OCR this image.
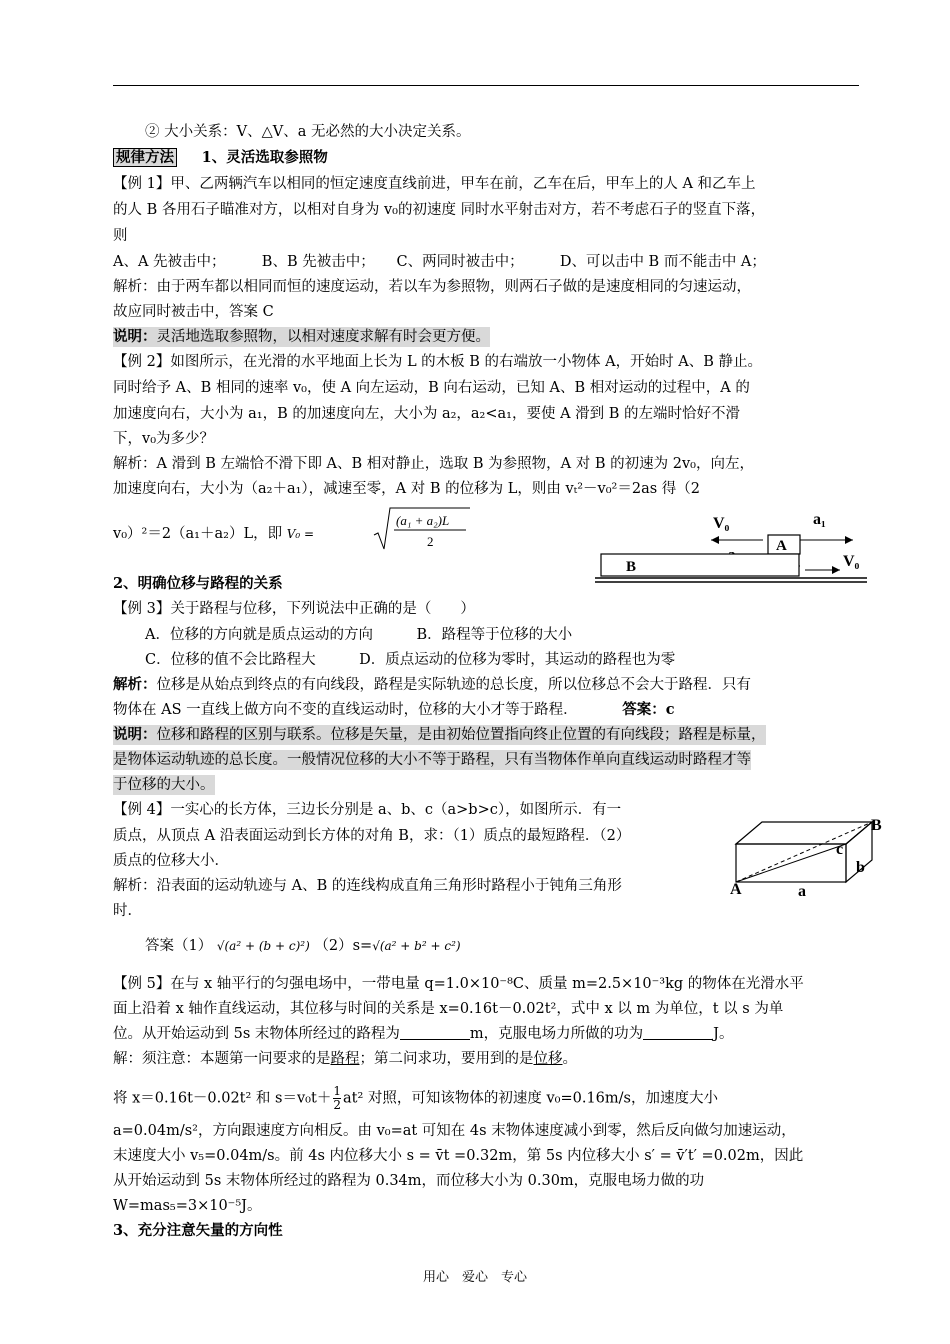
② 大小关系：V、△V、a 无必然的大小决定关系。
规律方法 1、灵活选取参照物
【例 1】甲、乙两辆汽车以相同的恒定速度直线前进，甲车在前，乙车在后，甲车上的人 A 和乙车上
的人 B 各用石子瞄准对方，以相对自身为 v₀的初速度 同时水平射击对方，若不考虑石子的竖直下落，
则
A、A 先被击中；　　　B、B 先被击中；　　C、两同时被击中；　　　D、可以击中 B 而不能击中 A；
解析：由于两车都以相同而恒的速度运动，若以车为参照物，则两石子做的是速度相同的匀速运动，
故应同时被击中，答案 C
说明：灵活地选取参照物，以相对速度求解有时会更方便。
【例 2】如图所示，在光滑的水平地面上长为 L 的木板 B 的右端放一小物体 A，开始时 A、B 静止。
同时给予 A、B 相同的速率 v₀，使 A 向左运动，B 向右运动，已知 A、B 相对运动的过程中，A 的
加速度向右，大小为 a₁，B 的加速度向左，大小为 a₂，a₂<a₁，要使 A 滑到 B 的左端时恰好不滑
下，v₀为多少？
解析：A 滑到 B 左端恰不滑下即 A、B 相对静止，选取 B 为参照物，A 对 B 的初速为 2v₀，向左，
加速度向右，大小为（a₂＋a₁），减速至零，A 对 B 的位移为 L，则由 vₜ²－v₀²＝2as 得（2
v₀）²＝2（a₁＋a₂）L，即 V₀ =
(a₁ + a₂)L
2
V₀	a₁
A
V₀
B
2、明确位移与路程的关系
【例 3】关于路程与位移，下列说法中正确的是（　　）
A．位移的方向就是质点运动的方向　　　B．路程等于位移的大小
C．位移的值不会比路程大　　　D．质点运动的位移为零时，其运动的路程也为零
解析：位移是从始点到终点的有向线段，路程是实际轨迹的总长度，所以位移总不会大于路程．只有
物体在 AS 一直线上做方向不变的直线运动时，位移的大小才等于路程．	答案：c
说明：位移和路程的区别与联系。位移是矢量，是由初始位置指向终止位置的有向线段；路程是标量，
是物体运动轨迹的总长度。一般情况位移的大小不等于路程，只有当物体作单向直线运动时路程才等
于位移的大小。
【例 4】一实心的长方体，三边长分别是 a、b、c（a>b>c），如图所示．有一
质点，从顶点 A 沿表面运动到长方体的对角 B，求：（1）质点的最短路程．（2）
质点的位移大小．
解析：沿表面的运动轨迹与 A、B 的连线构成直角三角形时路程小于钝角三角形
时．
A
B
a
b
c
答案（1） √(a² + (b + c)²) （2）s=√(a² + b² + c²)
【例 5】在与 x 轴平行的匀强电场中，一带电量 q=1.0×10⁻⁸C、质量 m=2.5×10⁻³kg 的物体在光滑水平
面上沿着 x 轴作直线运动，其位移与时间的关系是 x=0.16t－0.02t²，式中 x 以 m 为单位，t 以 s 为单
位。从开始运动到 5s 末物体所经过的路程为	m，克服电场力所做的功为	J。
解：须注意：本题第一问要求的是路程；第二问求功，要用到的是位移。
将 x＝0.16t－0.02t² 和 $s=v_0t+ \frac{1}{2} at^2$ 对照，可知该物体的初速度 v₀=0.16m/s，加速度大小
a=0.04m/s²，方向跟速度方向相反。由 v₀=at 可知在 4s 末物体速度减小到零，然后反向做匀加速运动，
末速度大小 v₅=0.04m/s。前 4s 内位移大小 s = v̄t =0.32m，第 5s 内位移大小 s′ = v̄′t′ =0.02m，因此
从开始运动到 5s 末物体所经过的路程为 0.34m，而位移大小为 0.30m，克服电场力做的功
W=mas₅=3×10⁻⁵J。
3、充分注意矢量的方向性
用心　爱心　专心
